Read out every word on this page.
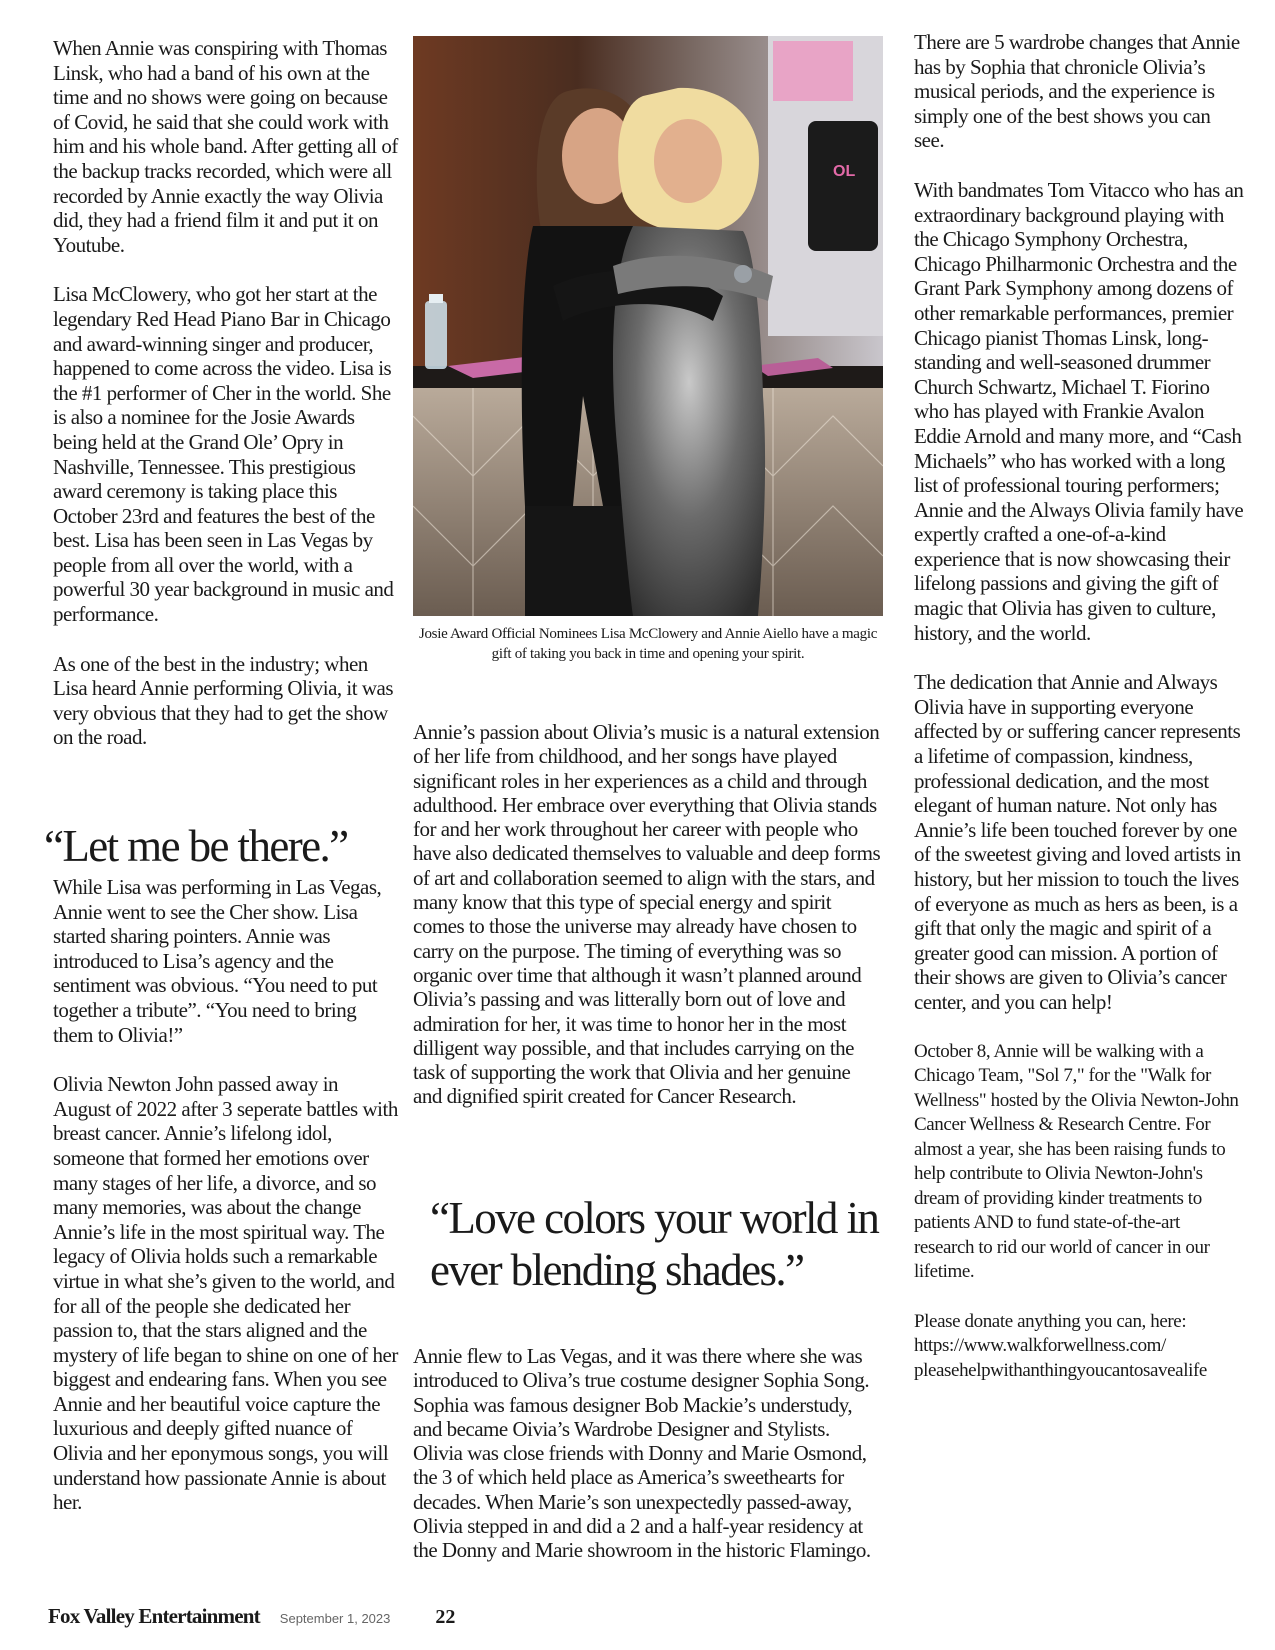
When Annie was conspiring with Thomas Linsk, who had a band of his own at the time and no shows were going on because of Covid, he said that she could work with him and his whole band. After getting all of the backup tracks recorded, which were all recorded by Annie exactly the way Olivia did, they had a friend film it and put it on Youtube.

Lisa McClowery, who got her start at the legendary Red Head Piano Bar in Chicago and award-winning singer and producer, happened to come across the video. Lisa is the #1 performer of Cher in the world. She is also a nominee for the Josie Awards being held at the Grand Ole’ Opry in Nashville, Tennessee. This prestigious award ceremony is taking place this October 23rd and features the best of the best. Lisa has been seen in Las Vegas by people from all over the world, with a powerful 30 year background in music and performance.

As one of the best in the industry; when Lisa heard Annie performing Olivia, it was very obvious that they had to get the show on the road.

“Let me be there.”

While Lisa was performing in Las Vegas, Annie went to see the Cher show. Lisa started sharing pointers. Annie was introduced to Lisa’s agency and the sentiment was obvious. “You need to put together a tribute”. “You need to bring them to Olivia!”

Olivia Newton John passed away in August of 2022 after 3 seperate battles with breast cancer. Annie’s lifelong idol, someone that formed her emotions over many stages of her life, a divorce, and so many memories, was about the change Annie’s life in the most spiritual way. The legacy of Olivia holds such a remarkable virtue in what she’s given to the world, and for all of the people she dedicated her passion to, that the stars aligned and the mystery of life began to shine on one of her biggest and endearing fans. When you see Annie and her beautiful voice capture the luxurious and deeply gifted nuance of Olivia and her eponymous songs, you will understand how passionate Annie is about her.

OL

Josie Award Official Nominees Lisa McClowery and Annie Aiello have a magic gift of taking you back in time and opening your spirit.

Annie’s passion about Olivia’s music is a natural extension of her life from childhood, and her songs have played significant roles in her experiences as a child and through adulthood. Her embrace over everything that Olivia stands for and her work throughout her career with people who have also dedicated themselves to valuable and deep forms of art and collaboration seemed to align with the stars, and many know that this type of special energy and spirit comes to those the universe may already have chosen to carry on the purpose. The timing of everything was so organic over time that although it wasn’t planned around Olivia’s passing and was litterally born out of love and admiration for her, it was time to honor her in the most dilligent way possible, and that includes carrying on the task of supporting the work that Olivia and her genuine and dignified spirit created for Cancer Research.

“Love colors your world in ever blending shades.”

Annie flew to Las Vegas, and it was there where she was introduced to Oliva’s true costume designer Sophia Song. Sophia was famous designer Bob Mackie’s understudy, and became Oivia’s Wardrobe Designer and Stylists. Olivia was close friends with Donny and Marie Osmond, the 3 of which held place as America’s sweethearts for decades. When Marie’s son unexpectedly passed-away, Olivia stepped in and did a 2 and a half-year residency at the Donny and Marie showroom in the historic Flamingo.

There are 5 wardrobe changes that Annie has by Sophia that chronicle Olivia’s musical periods, and the experience is simply one of the best shows you can see.

With bandmates Tom Vitacco who has an extraordinary background playing with the Chicago Symphony Orchestra, Chicago Philharmonic Orchestra and the Grant Park Symphony among dozens of other remarkable performances, premier Chicago pianist Thomas Linsk, long-standing and well-seasoned drummer Church Schwartz, Michael T. Fiorino who has played with Frankie Avalon Eddie Arnold and many more, and “Cash Michaels” who has worked with a long list of professional touring performers; Annie and the Always Olivia family have expertly crafted a one-of-a-kind experience that is now showcasing their lifelong passions and giving the gift of magic that Olivia has given to culture, history, and the world.

The dedication that Annie and Always Olivia have in supporting everyone affected by or suffering cancer represents a lifetime of compassion, kindness, professional dedication, and the most elegant of human nature. Not only has Annie’s life been touched forever by one of the sweetest giving and loved artists in history, but her mission to touch the lives of everyone as much as hers as been, is a gift that only the magic and spirit of a greater good can mission. A portion of their shows are given to Olivia’s cancer center, and you can help!

October 8, Annie will be walking with a Chicago Team, "Sol 7," for the "Walk for Wellness" hosted by the Olivia Newton-John Cancer Wellness & Research Centre. For almost a year, she has been raising funds to help contribute to Olivia Newton-John's dream of providing kinder treatments to patients AND to fund state-of-the-art research to rid our world of cancer in our lifetime.

Please donate anything you can, here:
https://www.walkforwellness.com/
pleasehelpwithanthingyoucantosavealife

Fox Valley Entertainment September 1, 2023 22
